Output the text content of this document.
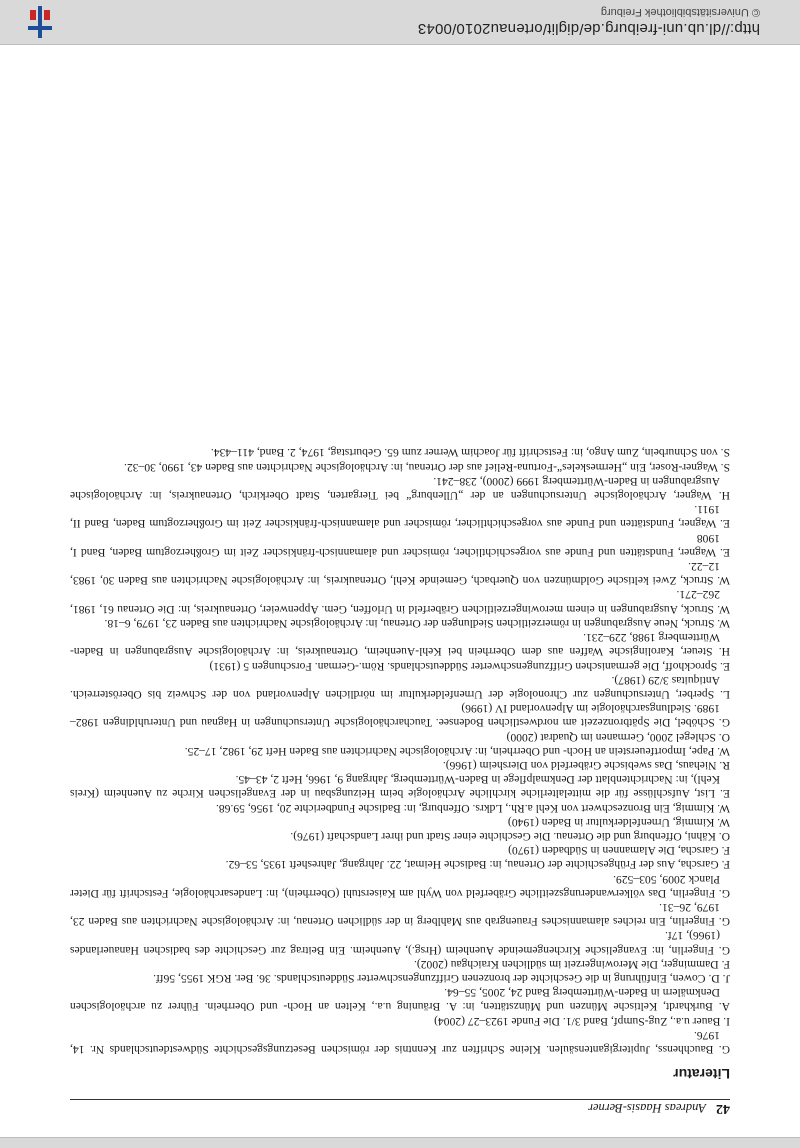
http://dl.ub.uni-freiburg.de/diglit/ortenau2010/0043
© Universitätsbibliothek Freiburg
42
Andreas Haasis-Berner
Literatur
G. Bauchhenss, Jupitergigantensäulen. Kleine Schriften zur Kenntnis der römischen Besetzungsgeschichte Südwestdeutschlands Nr. 14, 1976.
I. Bauer u.a., Zug-Sumpf, Band 3/1. Die Funde 1923–27 (2004)
A. Burkhardt, Keltische Münzen und Münzstätten, in: A. Bräuning u.a., Kelten an Hoch- und Oberrhein. Führer zu archäologischen Denkmälern in Baden-Württemberg Band 24, 2005, 55–64.
J. D. Cowen, Einführung in die Geschichte der bronzenen Griffzungenschwerter Süddeutschlands. 36. Ber. RGK 1955, 56ff.
F. Damminger, Die Merowingerzeit im südlichen Kraichgau (2002).
G. Fingerlin, in: Evangelische Kirchengemeinde Auenheim (Hrsg.), Auenheim. Ein Beitrag zur Geschichte des badischen Hanauerlandes (1966), 17f.
G. Fingerlin, Ein reiches alamannisches Frauengrab aus Mahlberg in der südlichen Ortenau, in: Archäologische Nachrichten aus Baden 23, 1979, 26–31.
G. Fingerlin, Das völkerwanderungszeitliche Gräberfeld von Wyhl am Kaiserstuhl (Oberrhein), in: Landesarchäologie, Festschrift für Dieter Planck 2009, 503–529.
F. Garscha, Aus der Frühgeschichte der Ortenau, in: Badische Heimat, 22. Jahrgang, Jahresheft 1935, 53–62.
F. Garscha, Die Alamannen in Südbaden (1970)
O. Kähni, Offenburg und die Ortenau. Die Geschichte einer Stadt und ihrer Landschaft (1976).
W. Kimmig, Urnenfelderkultur in Baden (1940)
W. Kimmig, Ein Bronzeschwert von Kehl a.Rh., Ldkrs. Offenburg, in: Badische Fundberichte 20, 1956, 59.68.
E. List, Aufschlüsse für die mittelalterliche kirchliche Archäologie beim Heizungsbau in der Evangelischen Kirche zu Auenheim (Kreis Kehl), in: Nachrichtenblatt der Denkmalpflege in Baden-Württemberg, Jahrgang 9, 1966, Heft 2, 43–45.
R. Niehaus, Das swebische Gräberfeld von Diersheim (1966).
W. Pape, Importfeuerstein an Hoch- und Oberrhein, in: Archäologische Nachrichten aus Baden Heft 29, 1982, 17–25.
O. Schlegel 2000, Germanen im Quadrat (2000)
G. Schöbel, Die Spätbronzezeit am nordwestlichen Bodensee. Taucharchäologische Untersuchungen in Hagnau und Unteruhldingen 1982–1989. Siedlungsarchäologie im Alpenvorland IV (1996)
L. Sperber, Untersuchungen zur Chronologie der Urnenfelderkultur im nördlichen Alpenvorland von der Schweiz bis Oberösterreich. Antiquitas 3/29 (1987).
E. Sprockhoff, Die germanischen Griffzungenschwerter Süddeutschlands. Röm.-German. Forschungen 5 (1931)
H. Steuer, Karolingische Waffen aus dem Oberrhein bei Kehl-Auenheim, Ortenaukreis, in: Archäologische Ausgrabungen in Baden-Württemberg 1988, 229–231.
W. Struck, Neue Ausgrabungen in römerzeitlichen Siedlungen der Ortenau, in: Archäologische Nachrichten aus Baden 23, 1979, 6–18.
W. Struck, Ausgrabungen in einem merowingerzeitlichen Gräberfeld in Urloffen, Gem. Appenweier, Ortenaukreis, in: Die Ortenau 61, 1981, 262–271.
W. Struck, Zwei keltische Goldmünzen von Querbach, Gemeinde Kehl, Ortenaukreis, in: Archäologische Nachrichten aus Baden 30, 1983, 12–22.
E. Wagner, Fundstätten und Funde aus vorgeschichtlicher, römischer und alamannisch-fränkischer Zeit im Großherzogtum Baden, Band I, 1908
E. Wagner, Fundstätten und Funde aus vorgeschichtlicher, römischer und alamannisch-fränkischer Zeit im Großherzogtum Baden, Band II, 1911.
H. Wagner, Archäologische Untersuchungen an der „Ullenburg“ bei Tiergarten, Stadt Oberkirch, Ortenaukreis, in: Archäologische Ausgrabungen in Baden-Württemberg 1999 (2000), 238–241.
S. Wagner-Roser, Ein „Hermeskeles“-Fortuna-Relief aus der Ortenau, in: Archäologische Nachrichten aus Baden 43, 1990, 30–32.
S. von Schnurbein, Zum Ango, in: Festschrift für Joachim Werner zum 65. Geburtstag, 1974, 2. Band, 411–434.
